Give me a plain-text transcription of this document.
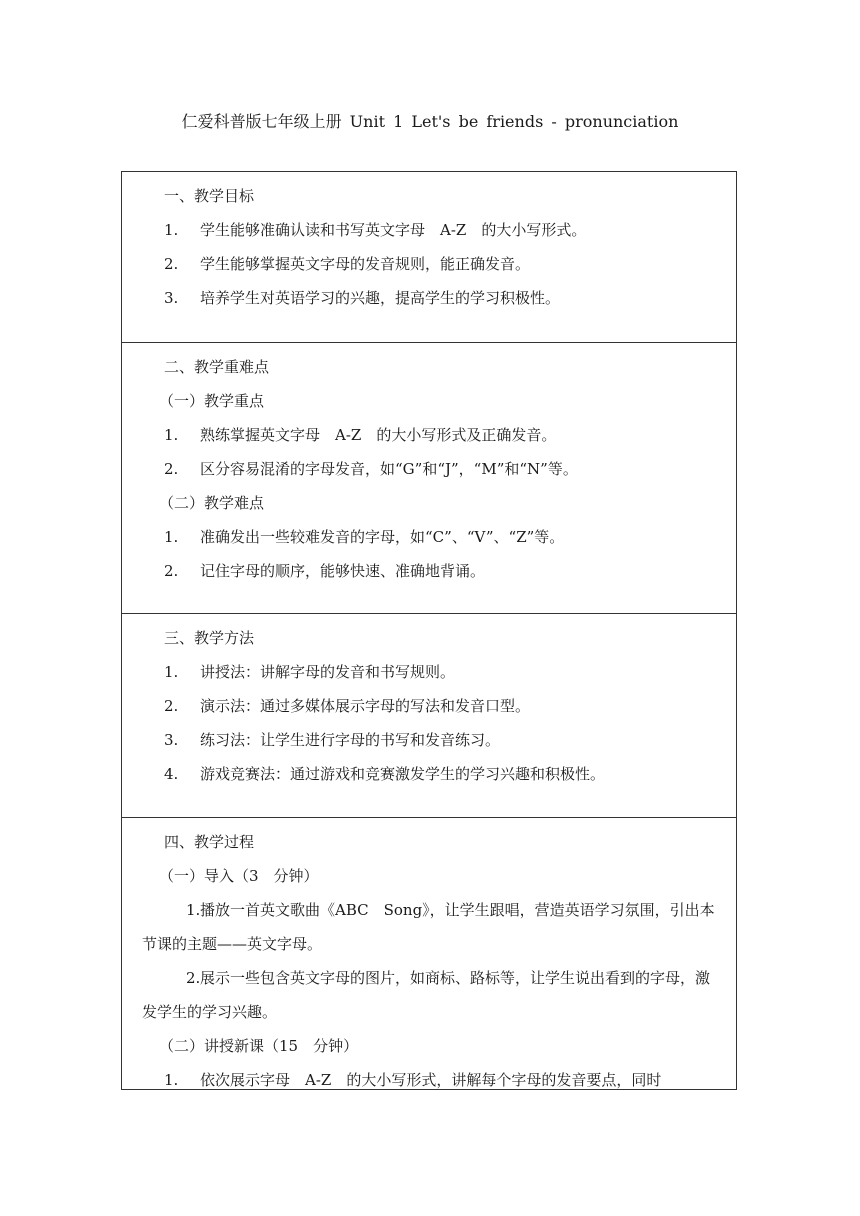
仁爱科普版七年级上册 Unit 1 Let's be friends - pronunciation
一、教学目标
1. 学生能够准确认读和书写英文字母　A-Z　的大小写形式。
2. 学生能够掌握英文字母的发音规则，能正确发音。
3. 培养学生对英语学习的兴趣，提高学生的学习积极性。
二、教学重难点
（一）教学重点
1. 熟练掌握英文字母　A-Z　的大小写形式及正确发音。
2. 区分容易混淆的字母发音，如“G”和“J”，“M”和“N”等。
（二）教学难点
1. 准确发出一些较难发音的字母，如“C”、“V”、“Z”等。
2. 记住字母的顺序，能够快速、准确地背诵。
三、教学方法
1. 讲授法：讲解字母的发音和书写规则。
2. 演示法：通过多媒体展示字母的写法和发音口型。
3. 练习法：让学生进行字母的书写和发音练习。
4. 游戏竞赛法：通过游戏和竞赛激发学生的学习兴趣和积极性。
四、教学过程
（一）导入（3　分钟）
1.播放一首英文歌曲《ABC　Song》，让学生跟唱，营造英语学习氛围，引出本节课的主题——英文字母。
2.展示一些包含英文字母的图片，如商标、路标等，让学生说出看到的字母，激发学生的学习兴趣。
（二）讲授新课（15　分钟）
1. 依次展示字母　A-Z　的大小写形式，讲解每个字母的发音要点，同时
